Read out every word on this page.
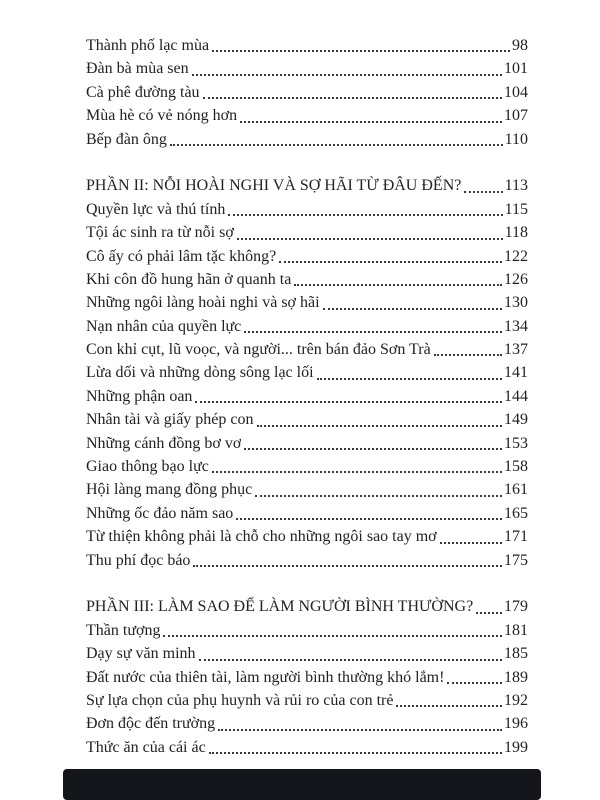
Thành phố lạc mùa	98
Đàn bà mùa sen	101
Cà phê đường tàu	104
Mùa hè có vẻ nóng hơn	107
Bếp đàn ông	110
PHẦN II: NỖI HOÀI NGHI VÀ SỢ HÃI TỪ ĐÂU ĐẾN?	113
Quyền lực và thú tính	115
Tội ác sinh ra từ nỗi sợ	118
Cô ấy có phải lâm tặc không?	122
Khi côn đồ hung hãn ở quanh ta	126
Những ngôi làng hoài nghi và sợ hãi	130
Nạn nhân của quyền lực	134
Con khỉ cụt, lũ voọc, và người... trên bán đảo Sơn Trà	137
Lừa dối và những dòng sông lạc lối	141
Những phận oan	144
Nhân tài và giấy phép con	149
Những cánh đồng bơ vơ	153
Giao thông bạo lực	158
Hội làng mang đồng phục	161
Những ốc đảo năm sao	165
Từ thiện không phải là chỗ cho những ngôi sao tay mơ	171
Thu phí đọc báo	175
PHẦN III: LÀM SAO ĐỂ LÀM NGƯỜI BÌNH THƯỜNG? 179
Thần tượng	181
Dạy sự văn minh	185
Đất nước của thiên tài, làm người bình thường khó lắm!	189
Sự lựa chọn của phụ huynh và rủi ro của con trẻ	192
Đơn độc đến trường	196
Thức ăn của cái ác	199
